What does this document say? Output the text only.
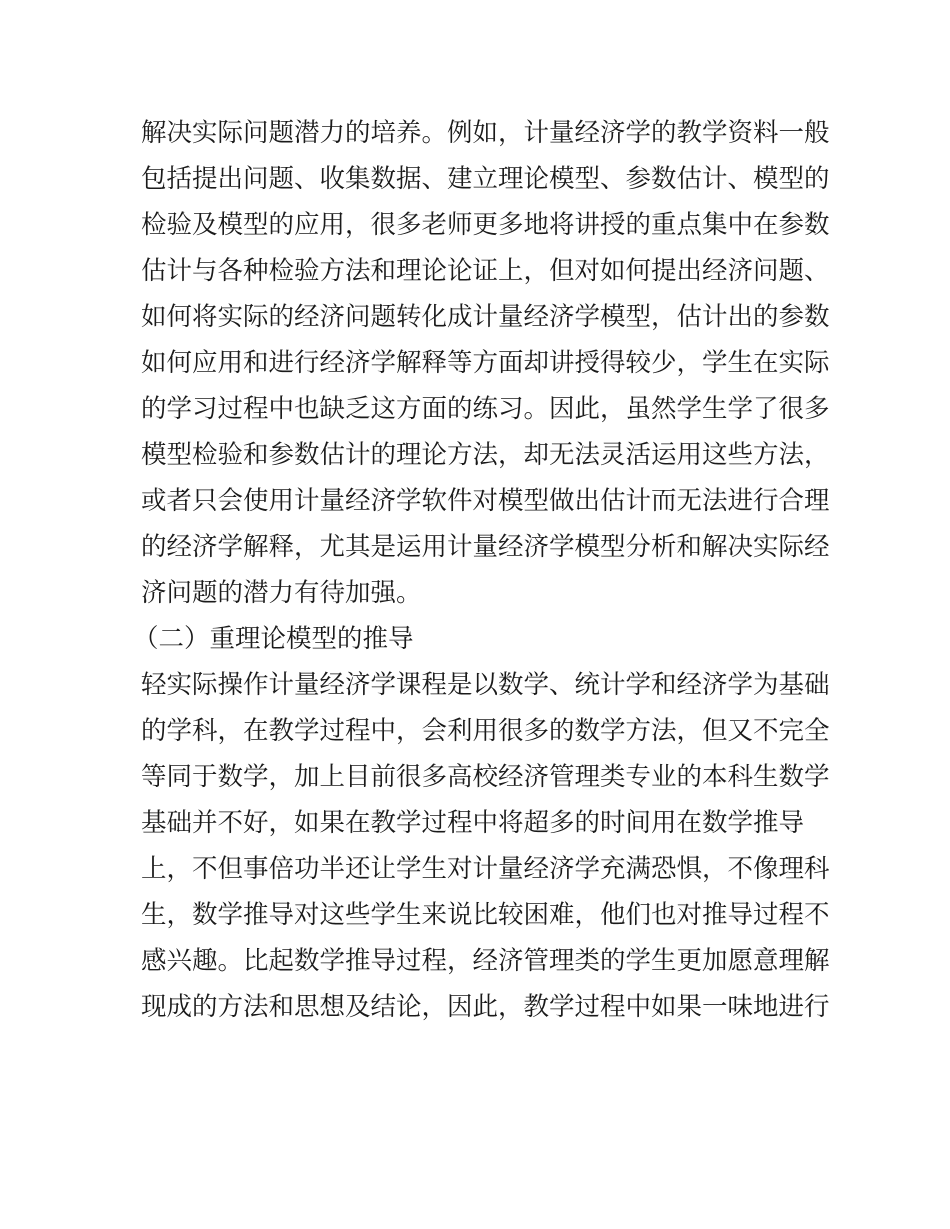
解决实际问题潜力的培养。例如，计量经济学的教学资料一般
包括提出问题、收集数据、建立理论模型、参数估计、模型的
检验及模型的应用，很多老师更多地将讲授的重点集中在参数
估计与各种检验方法和理论论证上，但对如何提出经济问题、
如何将实际的经济问题转化成计量经济学模型，估计出的参数
如何应用和进行经济学解释等方面却讲授得较少，学生在实际
的学习过程中也缺乏这方面的练习。因此，虽然学生学了很多
模型检验和参数估计的理论方法，却无法灵活运用这些方法，
或者只会使用计量经济学软件对模型做出估计而无法进行合理
的经济学解释，尤其是运用计量经济学模型分析和解决实际经
济问题的潜力有待加强。
（二）重理论模型的推导
轻实际操作计量经济学课程是以数学、统计学和经济学为基础
的学科，在教学过程中，会利用很多的数学方法，但又不完全
等同于数学，加上目前很多高校经济管理类专业的本科生数学
基础并不好，如果在教学过程中将超多的时间用在数学推导
上，不但事倍功半还让学生对计量经济学充满恐惧，不像理科
生，数学推导对这些学生来说比较困难，他们也对推导过程不
感兴趣。比起数学推导过程，经济管理类的学生更加愿意理解
现成的方法和思想及结论，因此，教学过程中如果一味地进行
